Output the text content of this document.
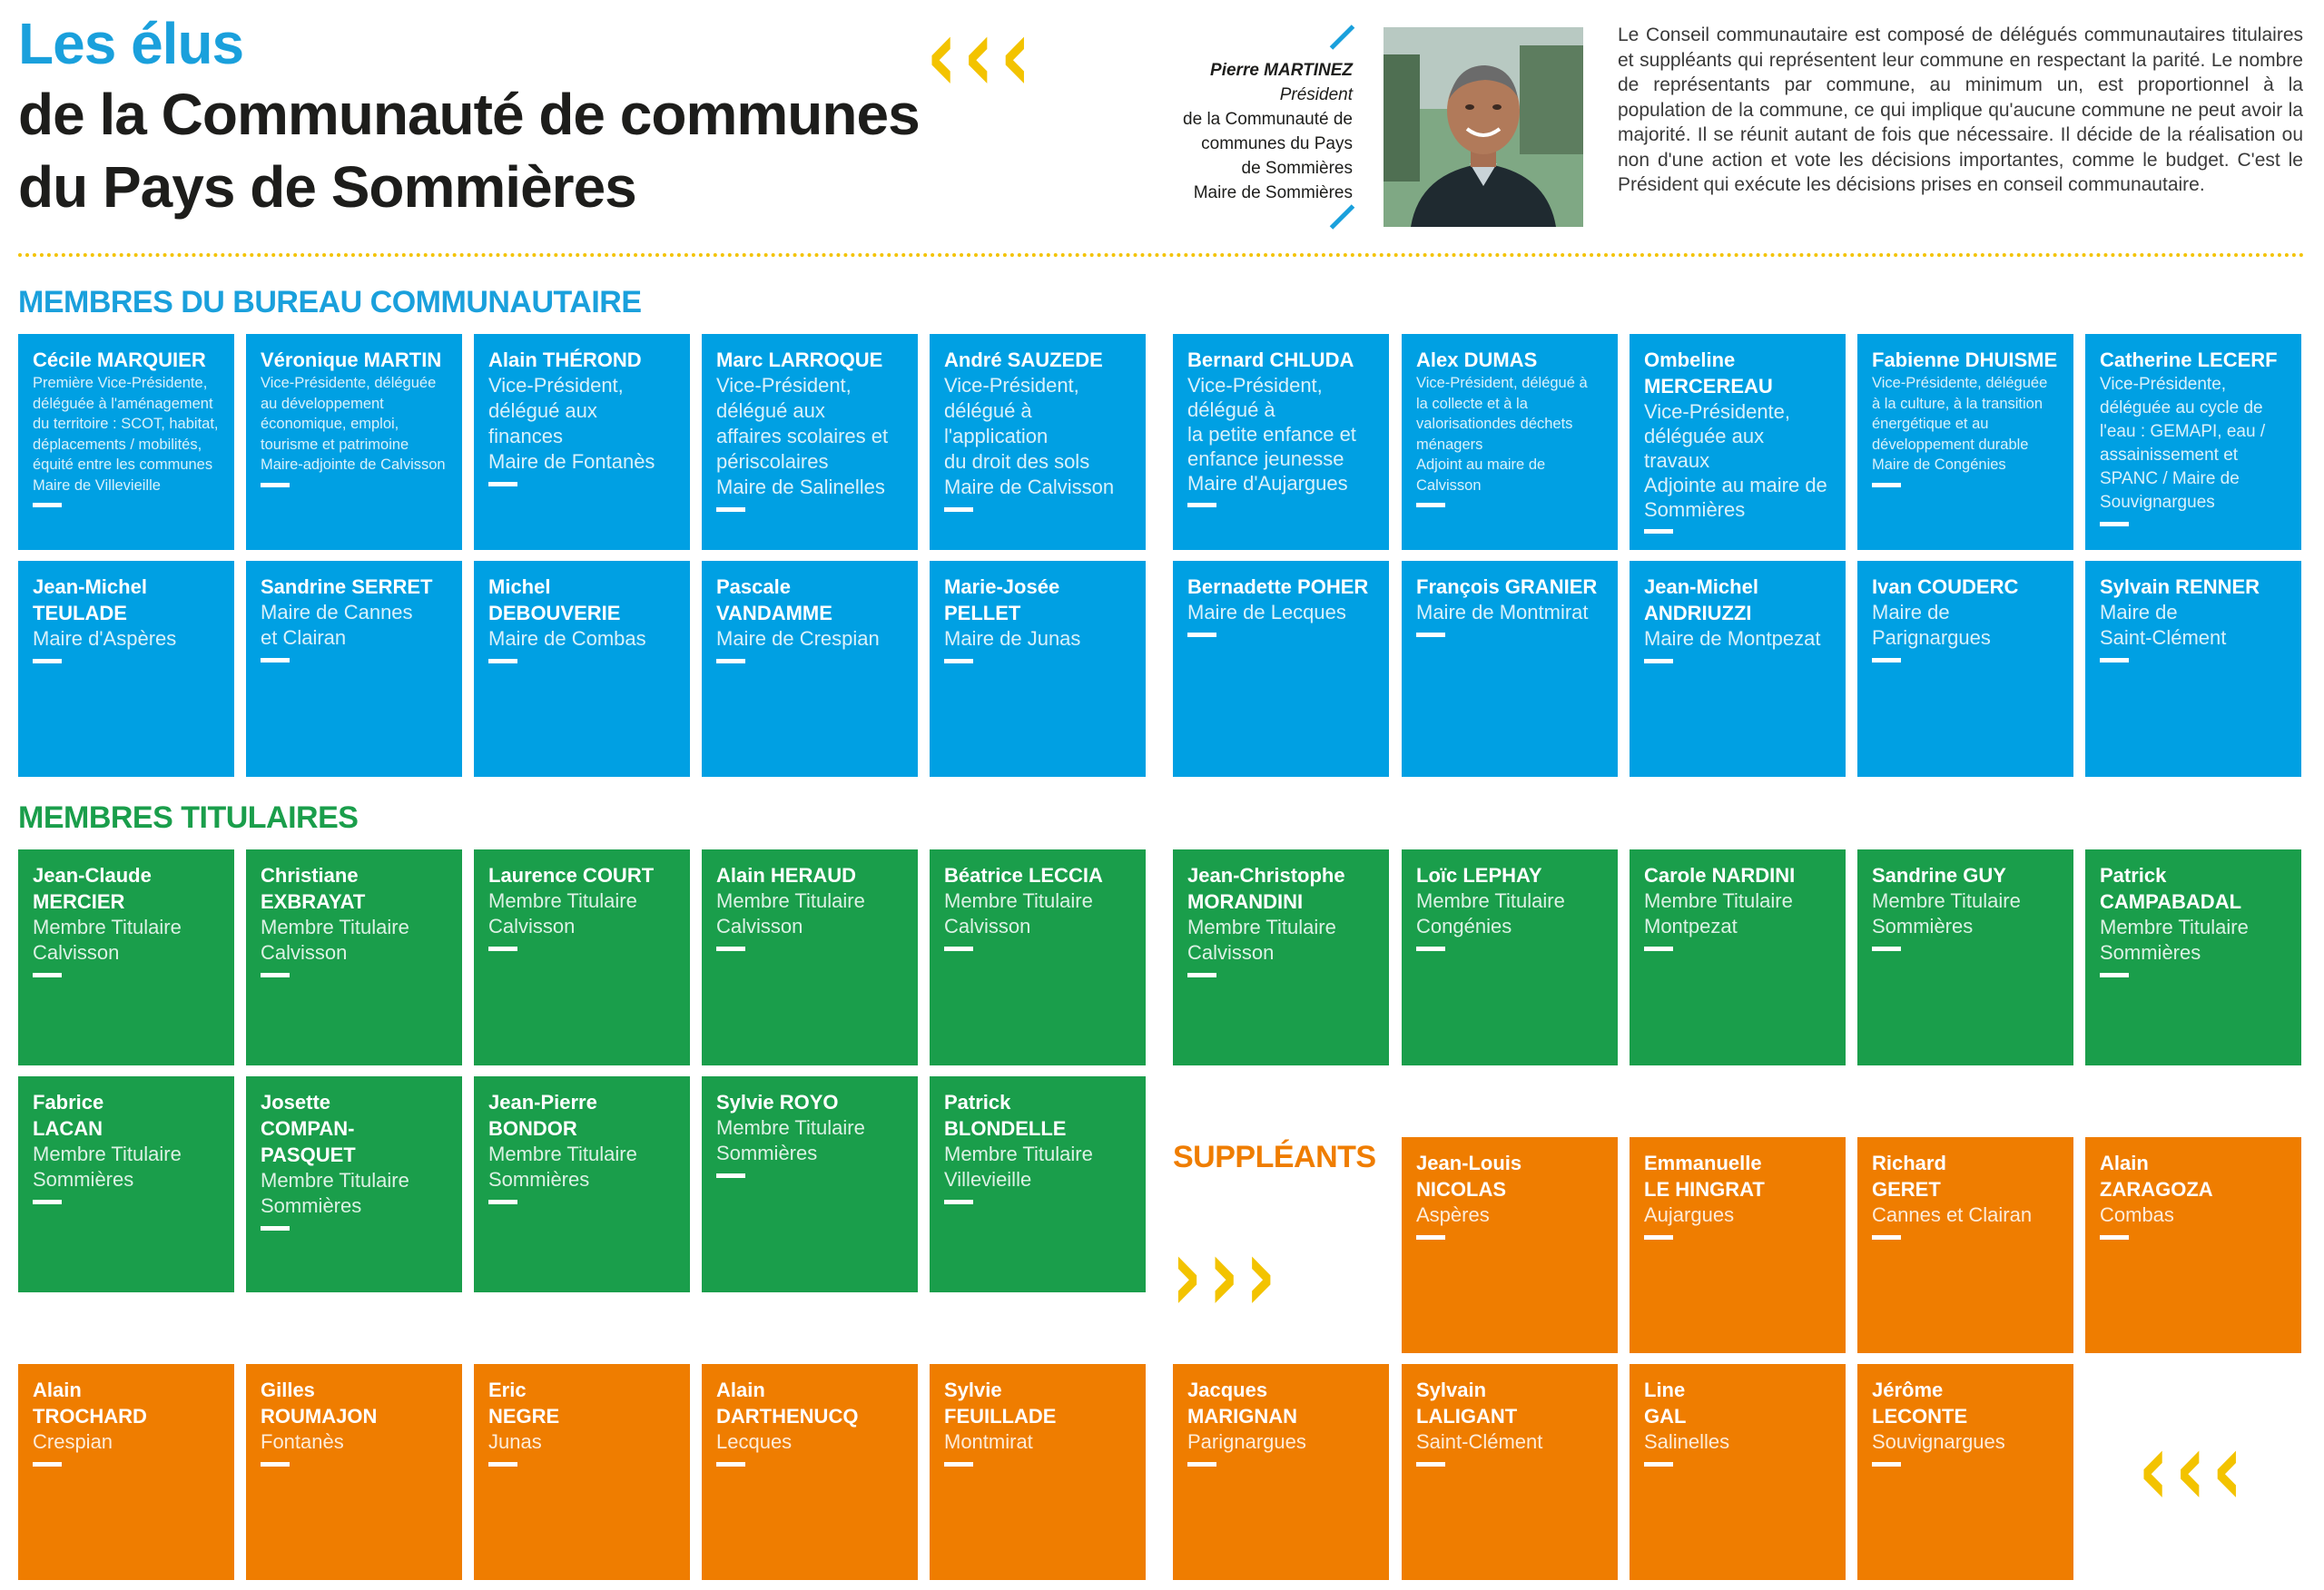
Les élus
de la Communauté de communes
du Pays de Sommières
‹‹‹	Pierre MARTINEZ
Président
de la Communauté de
communes du Pays
de Sommières
Maire de Sommières
Le Conseil communautaire est composé de délégués communautaires titulaires et suppléants qui représentent leur commune en respectant la parité. Le nombre de représentants par commune, au minimum un, est proportionnel à la population de la commune, ce qui implique qu'aucune commune ne peut avoir la majorité. Il se réunit autant de fois que nécessaire. Il décide de la réalisation ou non d'une action et vote les décisions importantes, comme le budget. C'est le Président qui exécute les décisions prises en conseil communautaire.
MEMBRES DU BUREAU COMMUNAUTAIRE
MEMBRES TITULAIRES
SUPPLÉANTS
›››
‹‹‹
Cécile MARQUIER
Première Vice-Présidente, déléguée à l'aménagement du territoire : SCOT, habitat, déplacements / mobilités, équité entre les communes
Maire de Villevieille
Véronique MARTIN
Vice-Présidente, déléguée au développement économique, emploi, tourisme et patrimoine
Maire-adjointe de Calvisson
Alain THÉROND
Vice-Président,
délégué aux finances
Maire de Fontanès
Marc LARROQUE
Vice-Président,
délégué aux
affaires scolaires et
périscolaires
Maire de Salinelles
André SAUZEDE
Vice-Président,
délégué à l'application
du droit des sols
Maire de Calvisson
Bernard CHLUDA
Vice-Président,
délégué à
la petite enfance et
enfance jeunesse
Maire d'Aujargues
Alex DUMAS
Vice-Président, délégué à la collecte et à la valorisationdes déchets ménagers
Adjoint au maire de Calvisson
Ombeline
MERCEREAU
Vice-Présidente,
déléguée aux travaux
Adjointe au maire de
Sommières
Fabienne DHUISME
Vice-Présidente, déléguée à la culture, à la transition énergétique et au développement durable
Maire de Congénies
Catherine LECERF
Vice-Présidente, déléguée au cycle de l'eau : GEMAPI, eau / assainissement et SPANC / Maire de Souvignargues
Jean-Michel
TEULADE
Maire d'Aspères
Sandrine SERRET
Maire de Cannes
et Clairan
Michel
DEBOUVERIE
Maire de Combas
Pascale
VANDAMME
Maire de Crespian
Marie-Josée
PELLET
Maire de Junas
Bernadette POHER
Maire de Lecques
François GRANIER
Maire de Montmirat
Jean-Michel
ANDRIUZZI
Maire de Montpezat
Ivan COUDERC
Maire de
Parignargues
Sylvain RENNER
Maire de
Saint-Clément
Jean-Claude
MERCIER
Membre Titulaire
Calvisson
Christiane
EXBRAYAT
Membre Titulaire
Calvisson
Laurence COURT
Membre Titulaire
Calvisson
Alain HERAUD
Membre Titulaire
Calvisson
Béatrice LECCIA
Membre Titulaire
Calvisson
Jean-Christophe
MORANDINI
Membre Titulaire
Calvisson
Loïc LEPHAY
Membre Titulaire
Congénies
Carole NARDINI
Membre Titulaire
Montpezat
Sandrine GUY
Membre Titulaire
Sommières
Patrick
CAMPABADAL
Membre Titulaire
Sommières
Fabrice
LACAN
Membre Titulaire
Sommières
Josette
COMPAN-PASQUET
Membre Titulaire
Sommières
Jean-Pierre
BONDOR
Membre Titulaire
Sommières
Sylvie ROYO
Membre Titulaire
Sommières
Patrick
BLONDELLE
Membre Titulaire
Villevieille
Jean-Louis
NICOLAS
Aspères
Emmanuelle
LE HINGRAT
Aujargues
Richard
GERET
Cannes et Clairan
Alain
ZARAGOZA
Combas
Alain
TROCHARD
Crespian
Gilles
ROUMAJON
Fontanès
Eric
NEGRE
Junas
Alain
DARTHENUCQ
Lecques
Sylvie
FEUILLADE
Montmirat
Jacques
MARIGNAN
Parignargues
Sylvain
LALIGANT
Saint-Clément
Line
GAL
Salinelles
Jérôme
LECONTE
Souvignargues
